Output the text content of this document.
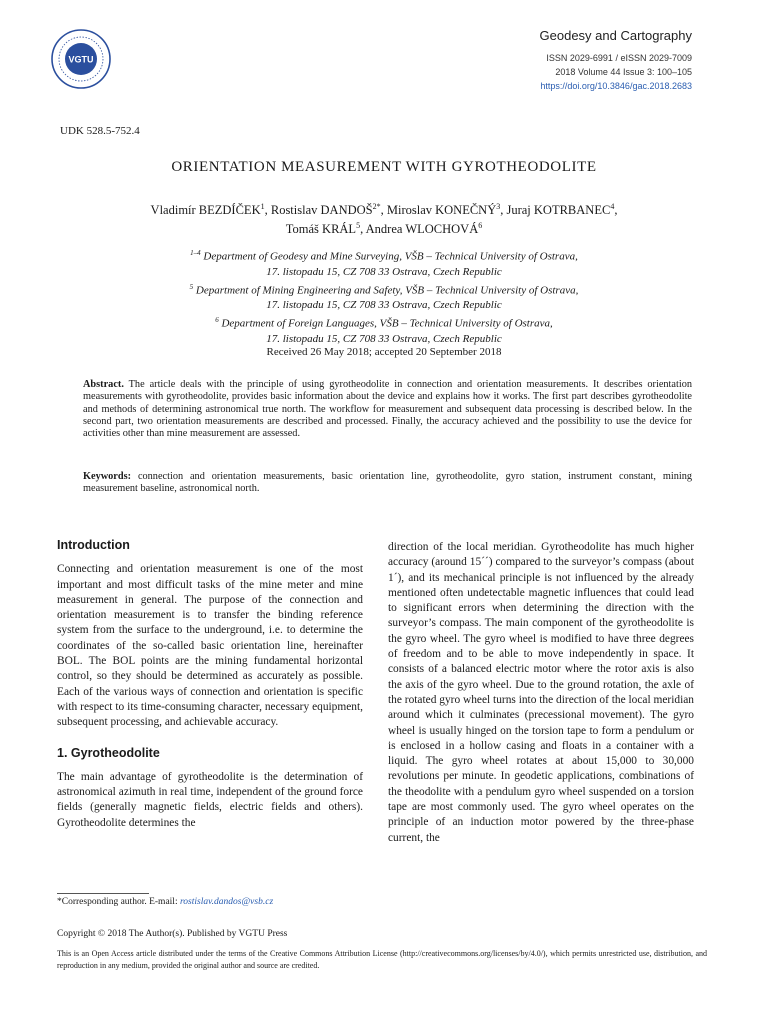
VGTU
Geodesy and Cartography
ISSN 2029-6991 / eISSN 2029-7009
2018 Volume 44 Issue 3: 100–105
https://doi.org/10.3846/gac.2018.2683
UDK 528.5-752.4
ORIENTATION MEASUREMENT WITH GYROTHEODOLITE
Vladimír BEZDÍČEK$^1$, Rostislav $DANDOŠ^{2*}$, Miroslav KONEČNÝ$^3$, Juraj KOTRBANEC$^4$,
Tomáš KRÁL$^5$, Andrea WLOCHOVÁ$^6$
$^{1-4}$ Department of Geodesy and Mine Surveying, VŠB – Technical University of Ostrava,
17. listopadu 15, CZ 708 33 Ostrava, Czech Republic
$^5$ Department of Mining Engineering and Safety, VŠB – Technical University of Ostrava,
17. listopadu 15, CZ 708 33 Ostrava, Czech Republic
$^6$ Department of Foreign Languages, VŠB – Technical University of Ostrava,
17. listopadu 15, CZ 708 33 Ostrava, Czech Republic
Received 26 May 2018; accepted 20 September 2018
Abstract. The article deals with the principle of using gyrotheodolite in connection and orientation measurements. It describes orientation measurements with gyrotheodolite, provides basic information about the device and explains how it works. The first part describes gyrotheodolite and methods of determining astronomical true north. The workflow for measurement and subsequent data processing is described below. In the second part, two orientation measurements are described and processed. Finally, the accuracy achieved and the possibility to use the device for activities other than mine measurement are assessed.
Keywords: connection and orientation measurements, basic orientation line, gyrotheodolite, gyro station, instrument constant, mining measurement baseline, astronomical north.
Introduction

Connecting and orientation measurement is one of the most important and most difficult tasks of the mine meter and mine measurement in general. The purpose of the connection and orientation measurement is to transfer the binding reference system from the surface to the underground, i.e. to determine the coordinates of the so-called basic orientation line, hereinafter BOL. The BOL points are the mining fundamental horizontal control, so they should be determined as accurately as possible. Each of the various ways of connection and orientation is specific with respect to its time-consuming character, necessary equipment, subsequent processing, and achievable accuracy.

1. Gyrotheodolite

The main advantage of gyrotheodolite is the determination of astronomical azimuth in real time, independent of the ground force fields (generally magnetic fields, electric fields and others). Gyrotheodolite determines the

direction of the local meridian. Gyrotheodolite has much higher accuracy (around 15´´) compared to the surveyor’s compass (about 1´), and its mechanical principle is not influenced by the already mentioned often undetectable magnetic influences that could lead to significant errors when determining the direction with the surveyor’s compass. The main component of the gyrotheodolite is the gyro wheel. The gyro wheel is modified to have three degrees of freedom and to be able to move independently in space. It consists of a balanced electric motor where the rotor axis is also the axis of the gyro wheel. Due to the ground rotation, the axle of the rotated gyro wheel turns into the direction of the local meridian around which it culminates (precessional movement). The gyro wheel is usually hinged on the torsion tape to form a pendulum or is enclosed in a hollow casing and floats in a container with a liquid. The gyro wheel rotates at about 15,000 to 30,000 revolutions per minute. In geodetic applications, combinations of the theodolite with a pendulum gyro wheel suspended on a torsion tape are most commonly used. The gyro wheel operates on the principle of an induction motor powered by the three-phase current, the

*Corresponding author. E-mail: rostislav.dandos@vsb.cz
Copyright © 2018 The Author(s). Published by VGTU Press
This is an Open Access article distributed under the terms of the Creative Commons Attribution License (http://creativecommons.org/licenses/by/4.0/), which permits unrestricted use, distribution, and reproduction in any medium, provided the original author and source are credited.
